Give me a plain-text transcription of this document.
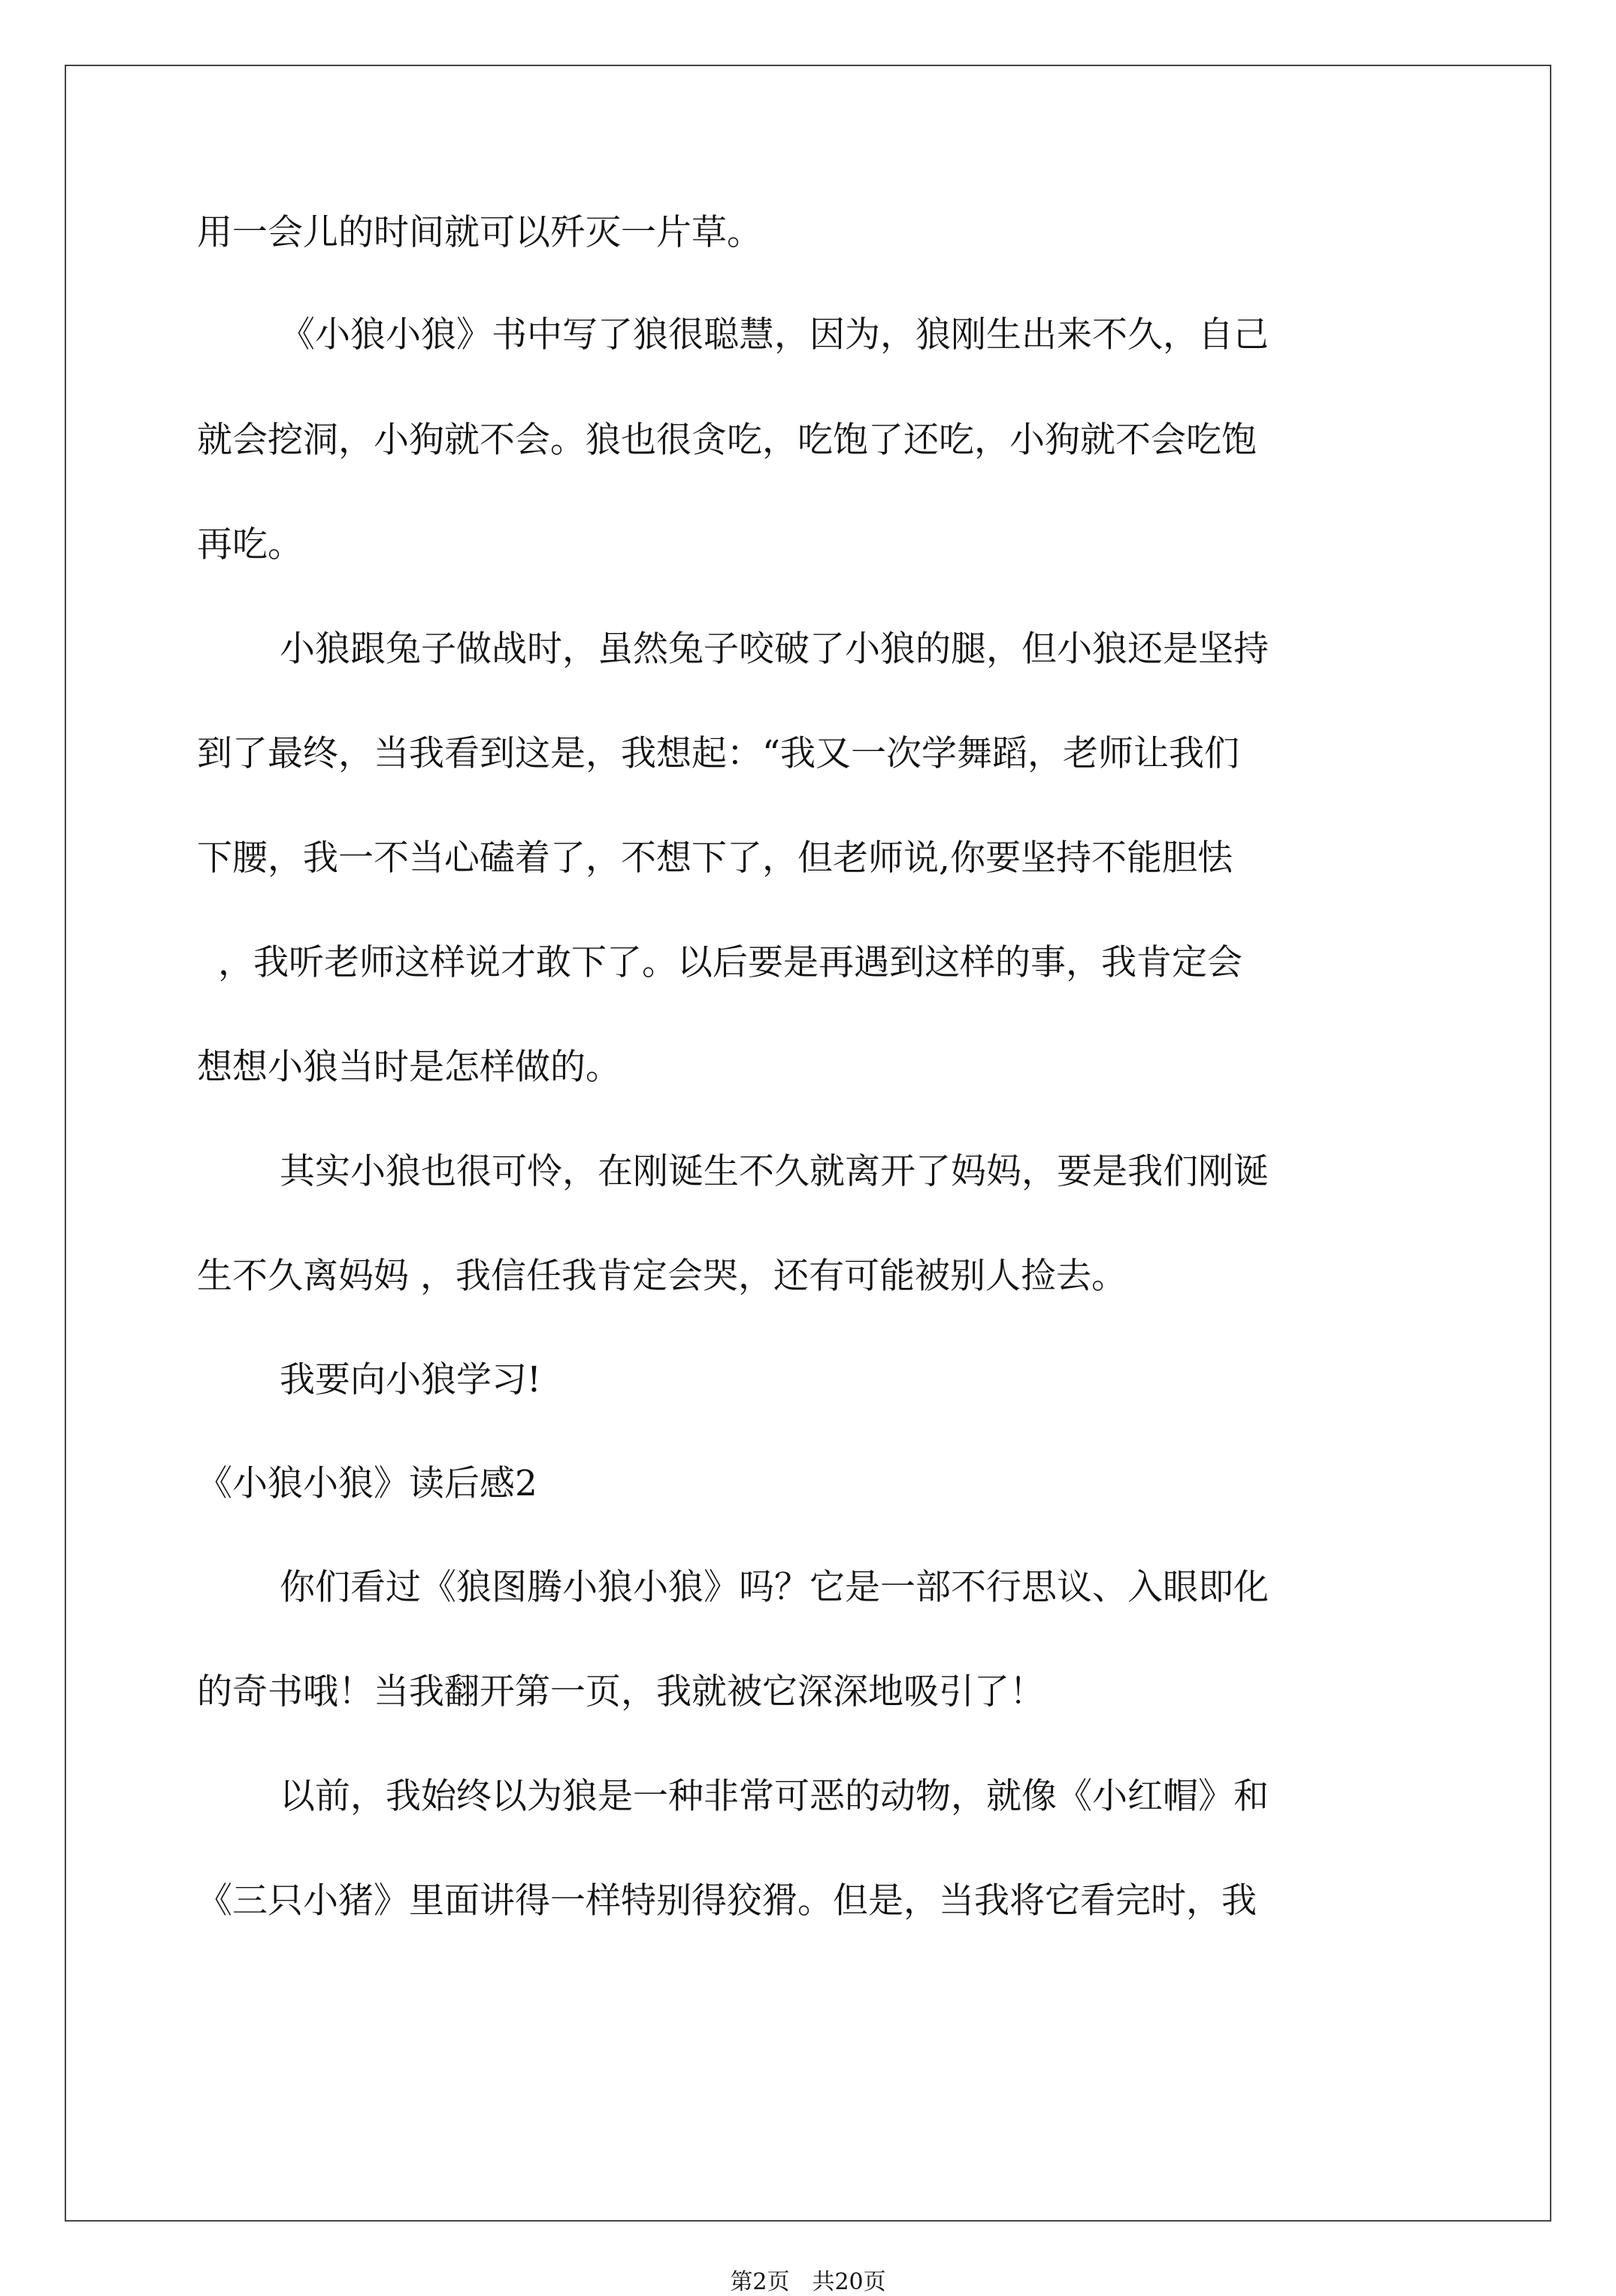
用一会儿的时间就可以歼灭一片草。

《小狼小狼》书中写了狼很聪慧，因为，狼刚生出来不久，自己

就会挖洞，小狗就不会。狼也很贪吃，吃饱了还吃，小狗就不会吃饱

再吃。

小狼跟兔子做战时，虽然兔子咬破了小狼的腿，但小狼还是坚持

到了最终，当我看到这是，我想起：“我又一次学舞蹈，老师让我们

下腰，我一不当心磕着了，不想下了，但老师说,你要坚持不能胆怯

，我听老师这样说才敢下了。以后要是再遇到这样的事，我肯定会

想想小狼当时是怎样做的。

其实小狼也很可怜，在刚诞生不久就离开了妈妈，要是我们刚诞

生不久离妈妈 ，我信任我肯定会哭，还有可能被别人捡去。

我要向小狼学习!

《小狼小狼》读后感2

你们看过《狼图腾小狼小狼》吗？它是一部不行思议、入眼即化

的奇书哦！当我翻开第一页，我就被它深深地吸引了！

以前，我始终以为狼是一种非常可恶的动物，就像《小红帽》和

《三只小猪》里面讲得一样特别得狡猾。但是，当我将它看完时，我

第2页　共20页
